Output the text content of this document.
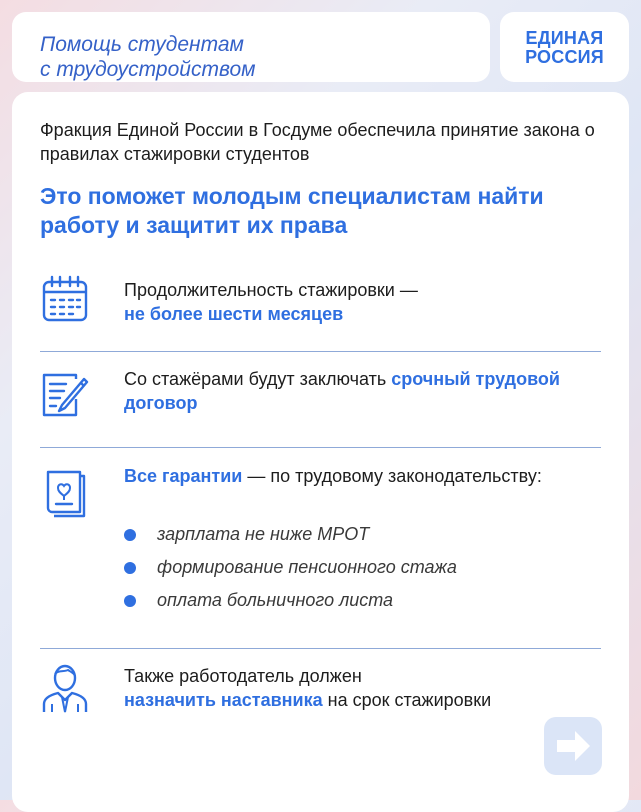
Помощь студентам
с трудоустройством
ЕДИНАЯ
РОССИЯ
Фракция Единой России в Госдуме обеспечила принятие закона о правилах стажировки студентов
Это поможет молодым специалистам найти работу и защитит их права
Продолжительность стажировки —
не более шести месяцев
Со стажёрами будут заключать срочный трудовой договор
Все гарантии — по трудовому законодательству:
зарплата не ниже МРОТ
формирование пенсионного стажа
оплата больничного листа
Также работодатель должен
назначить наставника на срок стажировки
